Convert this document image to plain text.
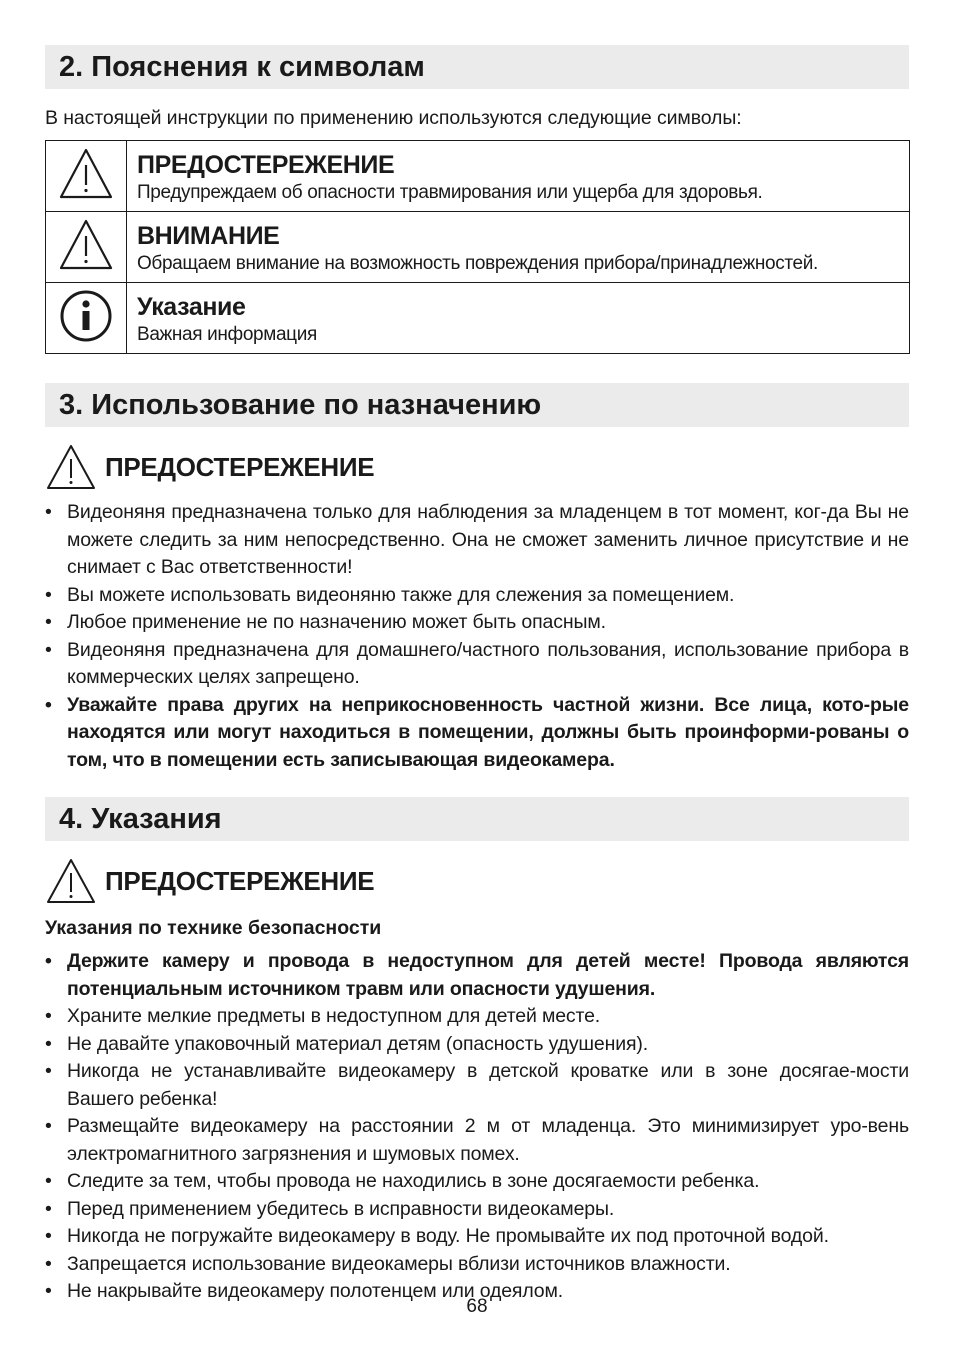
2. Пояснения к символам
В настоящей инструкции по применению используются следующие символы:

ПРЕДОСТЕРЕЖЕНИЕ
Предупреждаем об опасности травмирования или ущерба для здоровья.

ВНИМАНИЕ
Обращаем внимание на возможность повреждения прибора/принадлежностей.

Указание
Важная информация
3. Использование по назначению
ПРЕДОСТЕРЕЖЕНИЕ
• Видеоняня предназначена только для наблюдения за младенцем в тот момент, ког-да Вы не можете следить за ним непосредственно. Она не сможет заменить личное присутствие и не снимает с Вас ответственности!
• Вы можете использовать видеоняню также для слежения за помещением.
• Любое применение не по назначению может быть опасным.
• Видеоняня предназначена для домашнего/частного пользования, использование прибора в коммерческих целях запрещено.
• Уважайте права других на неприкосновенность частной жизни. Все лица, кото-рые находятся или могут находиться в помещении, должны быть проинформи-рованы о том, что в помещении есть записывающая видеокамера.
4. Указания
ПРЕДОСТЕРЕЖЕНИЕ
Указания по технике безопасности
• Держите камеру и провода в недоступном для детей месте! Провода являются потенциальным источником травм или опасности удушения.
• Храните мелкие предметы в недоступном для детей месте.
• Не давайте упаковочный материал детям (опасность удушения).
• Никогда не устанавливайте видеокамеру в детской кроватке или в зоне досягае-мости Вашего ребенка!
• Размещайте видеокамеру на расстоянии 2 м от младенца. Это минимизирует уро-вень электромагнитного загрязнения и шумовых помех.
• Следите за тем, чтобы провода не находились в зоне досягаемости ребенка.
• Перед применением убедитесь в исправности видеокамеры.
• Никогда не погружайте видеокамеру в воду. Не промывайте их под проточной водой.
• Запрещается использование видеокамеры вблизи источников влажности.
• Не накрывайте видеокамеру полотенцем или одеялом.
68
